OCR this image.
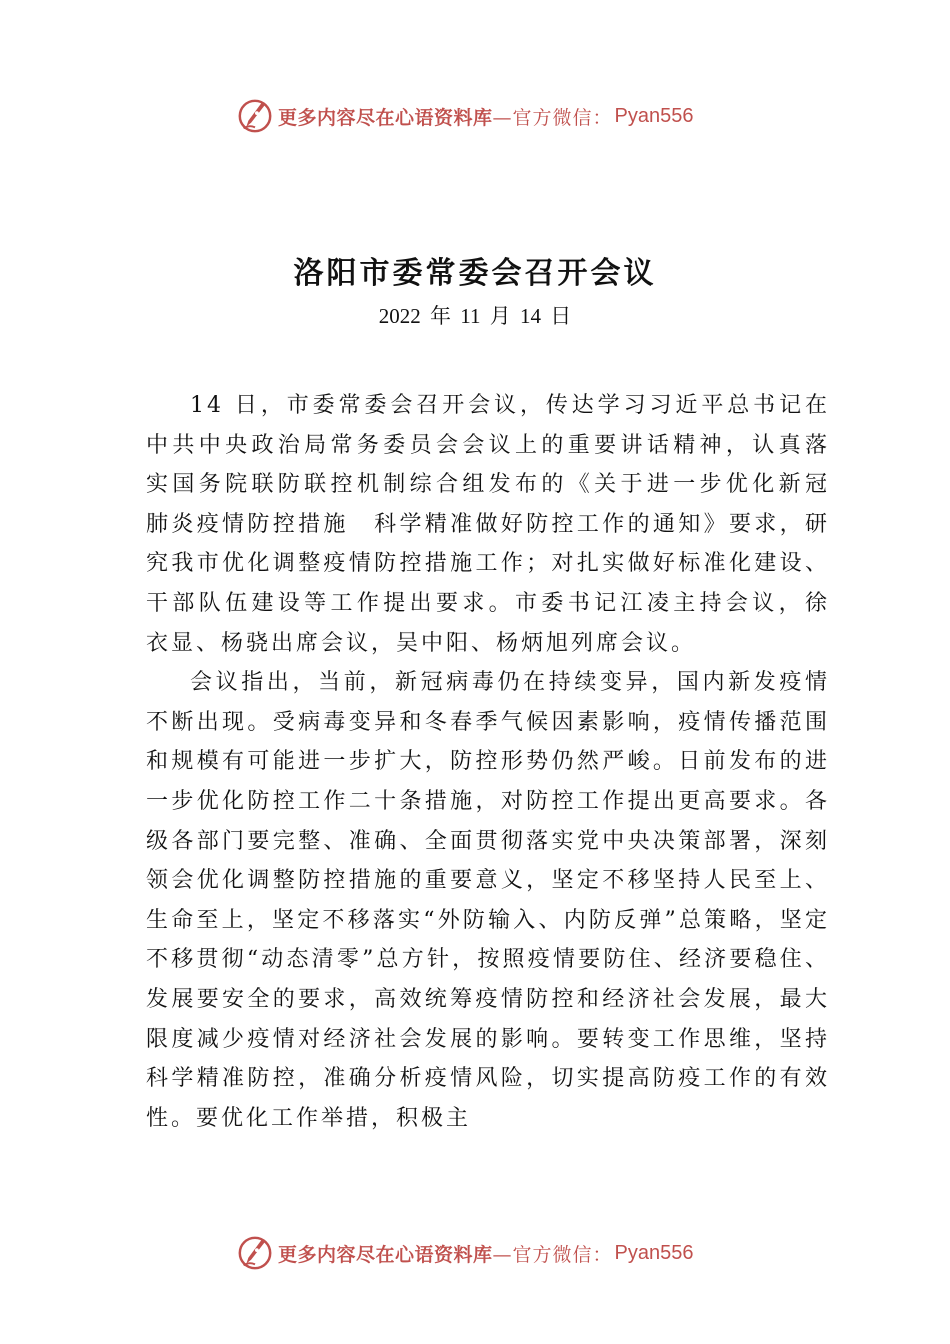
更多内容尽在心语资料库 —官方微信： Pyan556
洛阳市委常委会召开会议
2022 年 11 月 14 日

14 日，市委常委会召开会议，传达学习习近平总书记在 中共中央政治局常务委员会会议上的重要讲话精神，认真落　实国务院联防联控机制综合组发布的《关于进一步优化新冠　肺炎疫情防控措施　科学精准做好防控工作的通知》要求，研究我市优化调整疫情防控措施工作；对扎实做好标准化建设、干部队伍建设等工作提出要求。市委书记江凌主持会议，徐　衣显、杨骁出席会议，吴中阳、杨炳旭列席会议。

会议指出，当前，新冠病毒仍在持续变异，国内新发疫情不断出现。受病毒变异和冬春季气候因素影响，疫情传播范围和规模有可能进一步扩大，防控形势仍然严峻。日前发布的进一步优化防控工作二十条措施，对防控工作提出更高要求。各级各部门要完整、准确、全面贯彻落实党中央决策部署，深刻领会优化调整防控措施的重要意义，坚定不移坚持人民至上、生命至上，坚定不移落实“外防输入、内防反弹”总策略，坚定不移贯彻“动态清零”总方针，按照疫情要防住、经济要稳住、发展要安全的要求，高效统筹疫情防控和经济社会发展，最大限度减少疫情对经济社会发展的影响。要转变工作思维，坚持科学精准防控，准确分析疫情风险，切实提高防疫工作的有效性。要优化工作举措，积极主

更多内容尽在心语资料库 —官方微信： Pyan556
